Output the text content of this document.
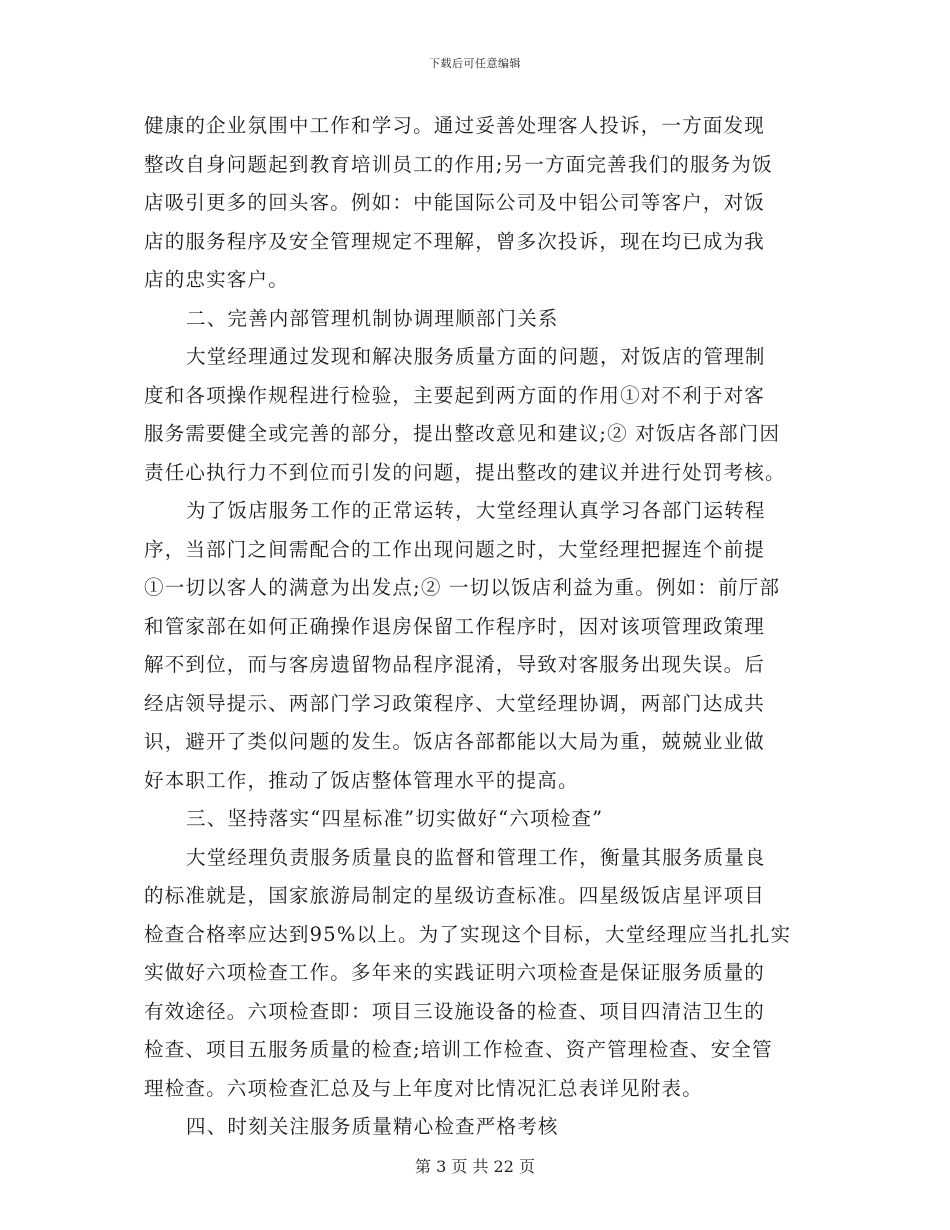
下载后可任意编辑
健康的企业氛围中工作和学习。通过妥善处理客人投诉，一方面发现
整改自身问题起到教育培训员工的作用;另一方面完善我们的服务为饭
店吸引更多的回头客。例如：中能国际公司及中铝公司等客户，对饭
店的服务程序及安全管理规定不理解，曾多次投诉，现在均已成为我
店的忠实客户。
二、完善内部管理机制协调理顺部门关系
大堂经理通过发现和解决服务质量方面的问题，对饭店的管理制
度和各项操作规程进行检验，主要起到两方面的作用①对不利于对客
服务需要健全或完善的部分，提出整改意见和建议;② 对饭店各部门因
责任心执行力不到位而引发的问题，提出整改的建议并进行处罚考核。
为了饭店服务工作的正常运转，大堂经理认真学习各部门运转程
序，当部门之间需配合的工作出现问题之时，大堂经理把握连个前提
①一切以客人的满意为出发点;② 一切以饭店利益为重。例如：前厅部
和管家部在如何正确操作退房保留工作程序时，因对该项管理政策理
解不到位，而与客房遗留物品程序混淆，导致对客服务出现失误。后
经店领导提示、两部门学习政策程序、大堂经理协调，两部门达成共
识，避开了类似问题的发生。饭店各部都能以大局为重，兢兢业业做
好本职工作，推动了饭店整体管理水平的提高。
三、坚持落实“四星标准”切实做好“六项检查”
大堂经理负责服务质量良的监督和管理工作，衡量其服务质量良
的标准就是，国家旅游局制定的星级访查标准。四星级饭店星评项目
检查合格率应达到95%以上。为了实现这个目标，大堂经理应当扎扎实
实做好六项检查工作。多年来的实践证明六项检查是保证服务质量的
有效途径。六项检查即：项目三设施设备的检查、项目四清洁卫生的
检查、项目五服务质量的检查;培训工作检查、资产管理检查、安全管
理检查。六项检查汇总及与上年度对比情况汇总表详见附表。
四、时刻关注服务质量精心检查严格考核
第 3 页 共 22 页
